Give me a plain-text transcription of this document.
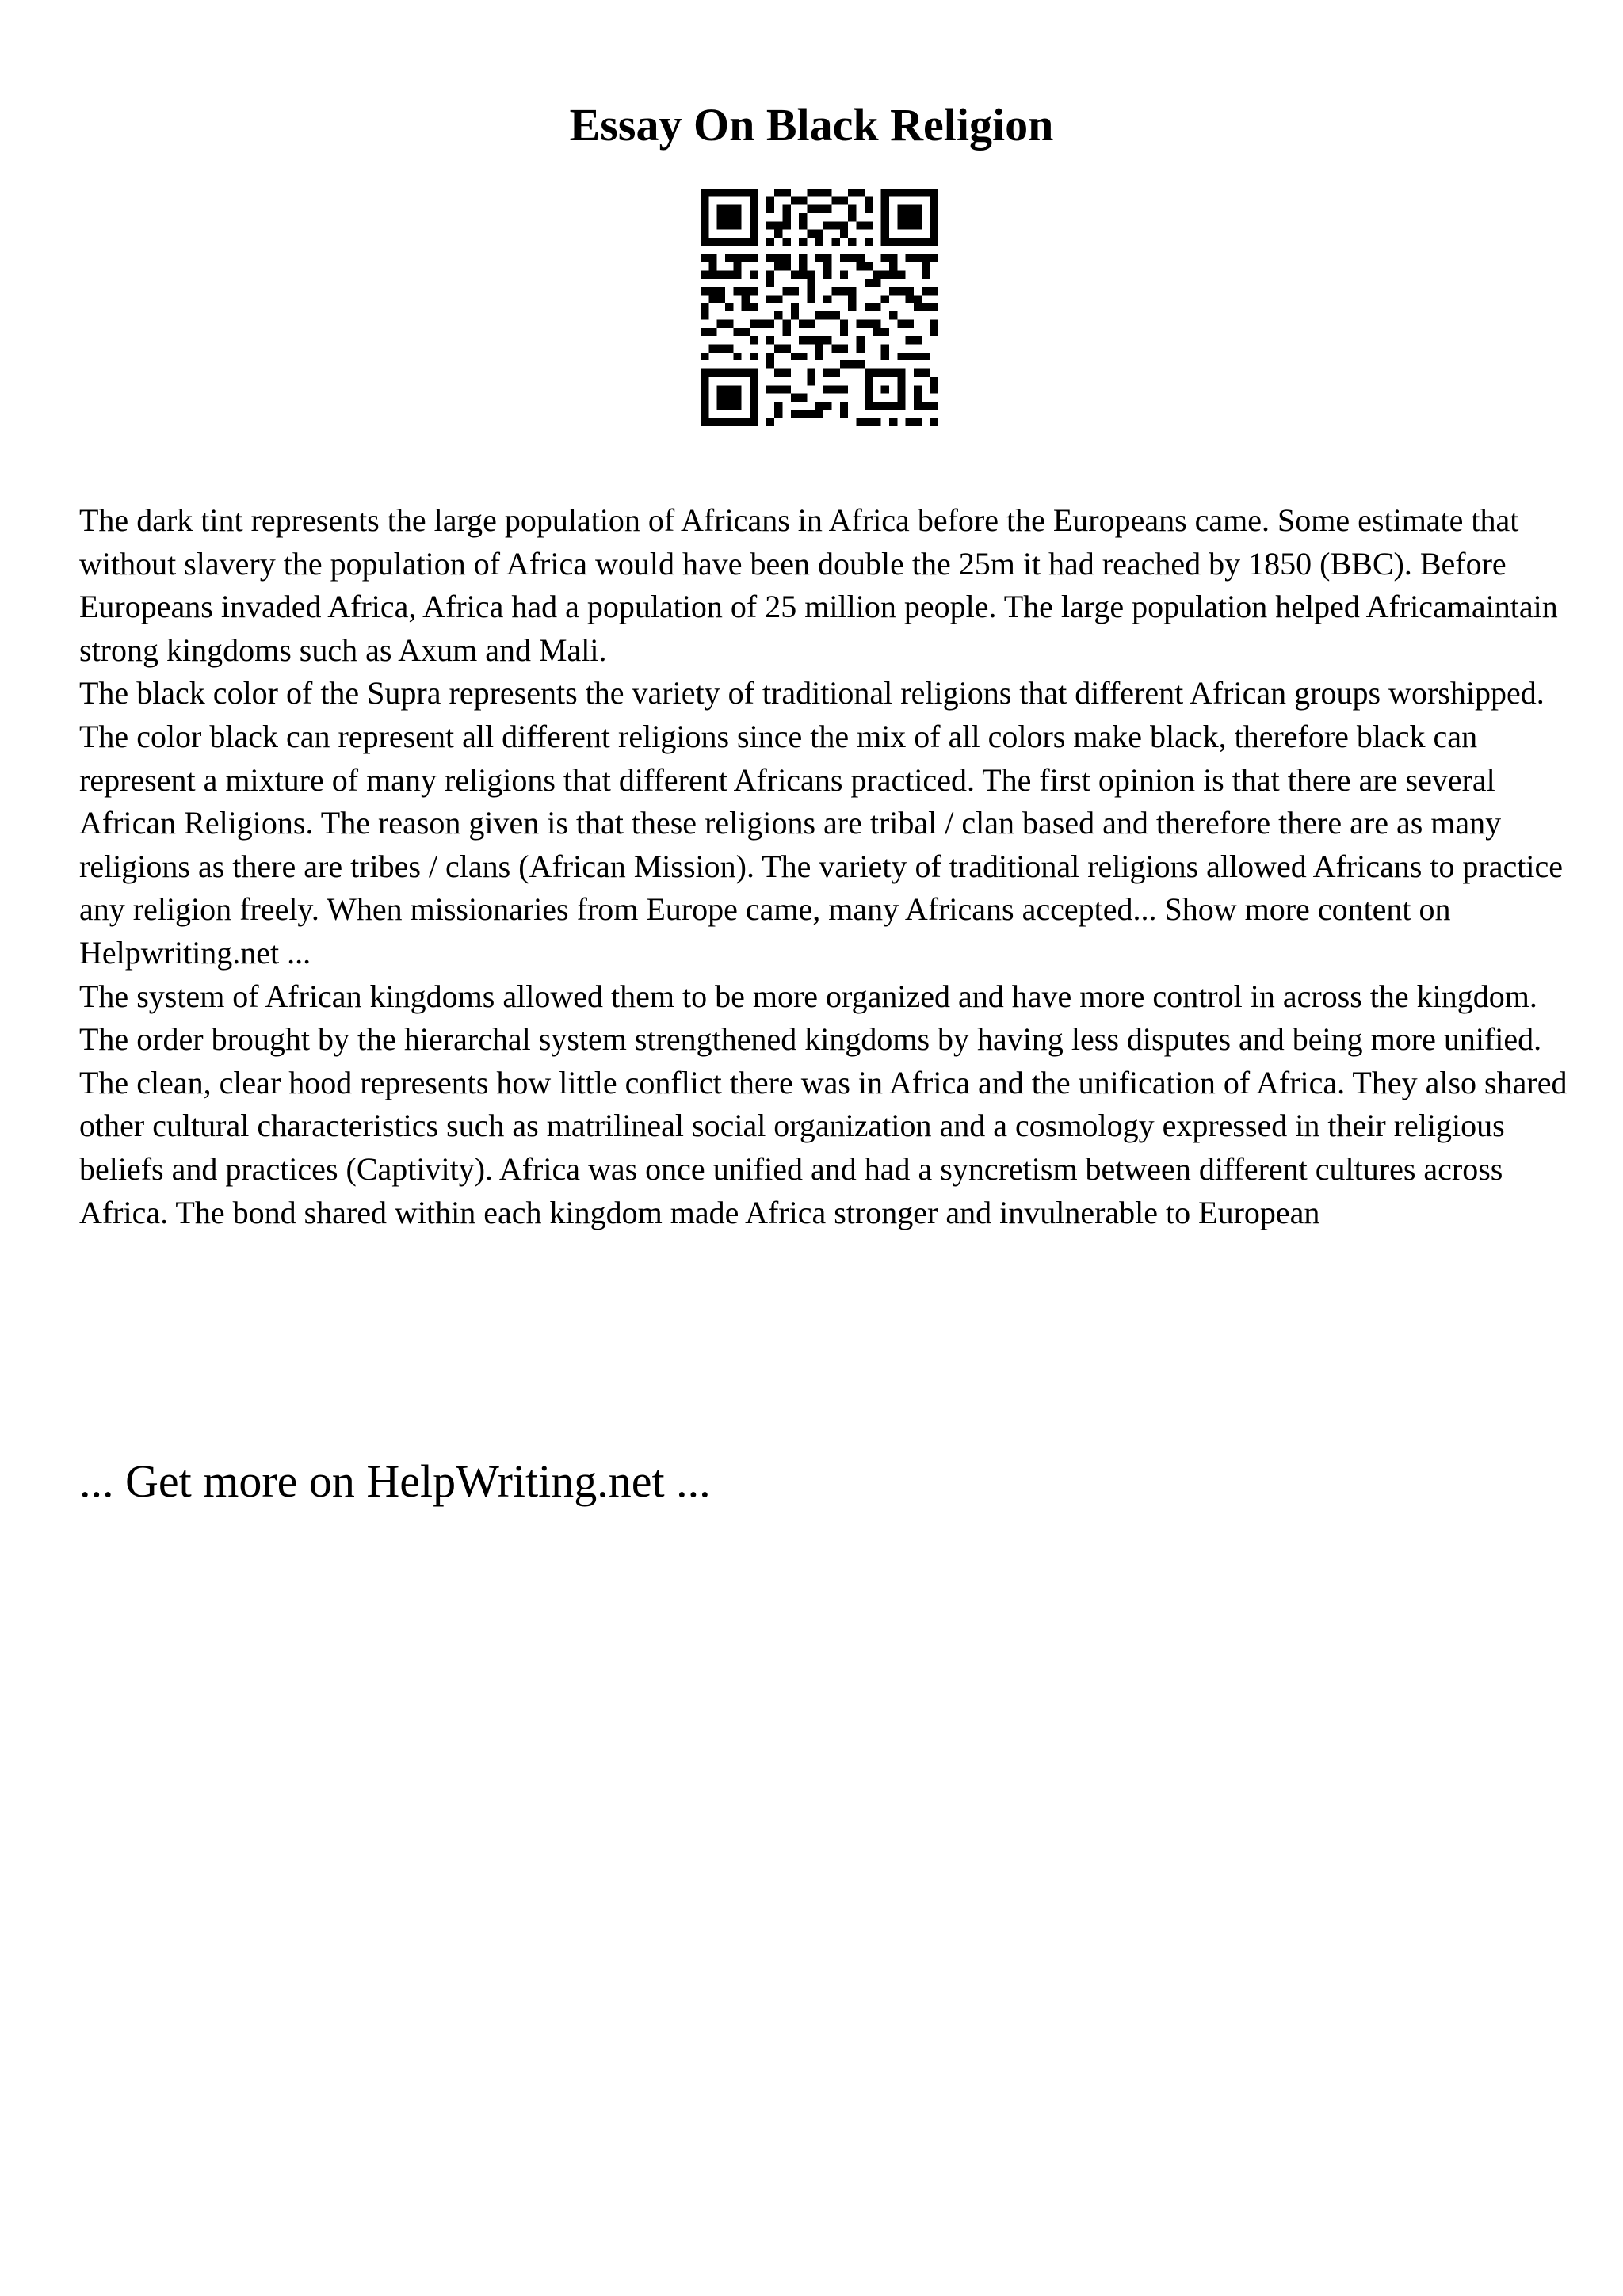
Essay On Black Religion

The dark tint represents the large population of Africans in Africa before the Europeans came. Some estimate that without slavery the population of Africa would have been double the 25m it had reached by 1850 (BBC). Before Europeans invaded Africa, Africa had a population of 25 million people. The large population helped Africamaintain strong kingdoms such as Axum and Mali.

The black color of the Supra represents the variety of traditional religions that different African groups worshipped. The color black can represent all different religions since the mix of all colors make black, therefore black can represent a mixture of many religions that different Africans practiced. The first opinion is that there are several African Religions. The reason given is that these religions are tribal / clan based and therefore there are as many religions as there are tribes / clans (African Mission). The variety of traditional religions allowed Africans to practice any religion freely. When missionaries from Europe came, many Africans accepted... Show more content on Helpwriting.net ...

The system of African kingdoms allowed them to be more organized and have more control in across the kingdom. The order brought by the hierarchal system strengthened kingdoms by having less disputes and being more unified.

The clean, clear hood represents how little conflict there was in Africa and the unification of Africa. They also shared other cultural characteristics such as matrilineal social organization and a cosmology expressed in their religious beliefs and practices (Captivity). Africa was once unified and had a syncretism between different cultures across Africa. The bond shared within each kingdom made Africa stronger and invulnerable to European

... Get more on HelpWriting.net ...
